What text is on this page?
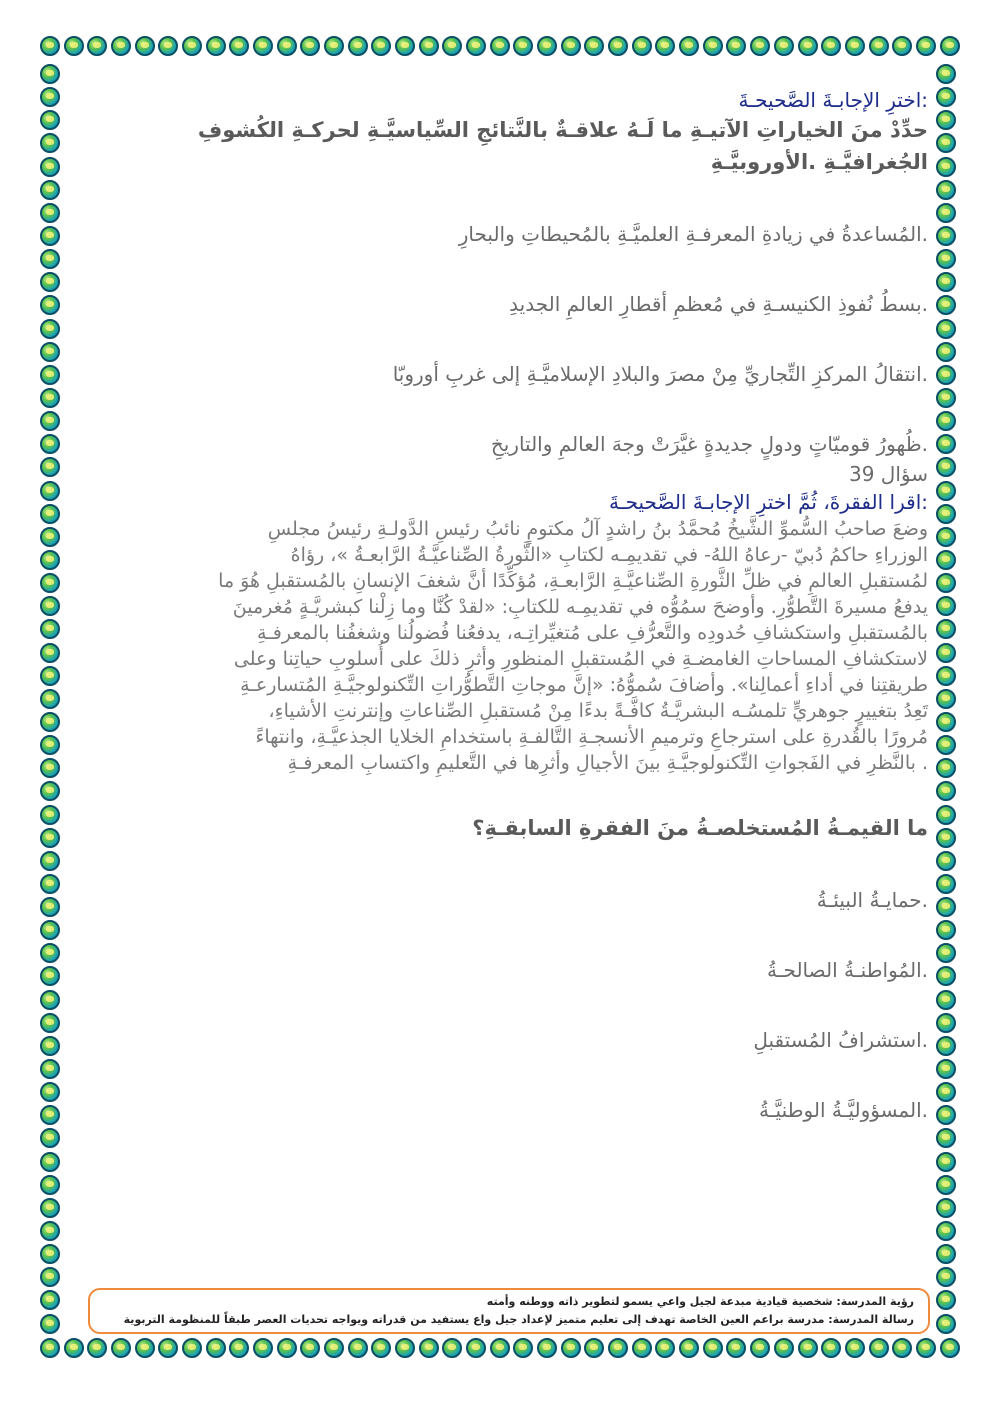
:اخترِ الإجابـةَ الصَّحيحـةَ
حدِّدْ منَ الخياراتِ الآتيـةِ ما لَـهُ علاقـةٌ بالنَّتائجِ السِّياسيَّـةِ لحركـةِ الكُشوفِ الجُغرافيَّـةِ .الأوروبيَّـةِ
.المُساعدةُ في زيادةِ المعرفـةِ العلميَّـةِ بالمُحيطاتِ والبحارِ
.بسطُ نُفوذِ الكنيسـةِ في مُعظمِ أقطارِ العالمِ الجديدِ
.انتقالُ المركزِ التِّجاريِّ مِنْ مصرَ والبلادِ الإسلاميَّـةِ إلى غربِ أوروبّا
.ظُهورُ قوميّاتٍ ودولٍ جديدةٍ غيَّرَتْ وجهَ العالمِ والتاريخِ
سؤال 39
:اقرا الفقرةَ، ثُمَّ اخترِ الإجابـةَ الصَّحيحـةَ
وضعَ صاحبُ السُّموِّ الشَّيخُ مُحمَّدُ بنُ راشدٍ آلُ مكتومٍ نائبُ رئيسِ الدَّولـةِ رئيسُ مجلسِ
الوزراءِ حاكمُ دُبيّ -رعاهُ اللهُ- في تقديمِـه لكتابِ «الثَّورةُ الصِّناعيَّـةُ الرَّابعـةُ »، رؤاهُ
لمُستقبلِ العالمِ في ظلِّ الثَّورةِ الصِّناعيَّـةِ الرَّابعـةِ، مُؤكِّدًا أنَّ شغفَ الإنسانِ بالمُستقبلِ هُوَ ما
يدفعُ مسيرةَ التَّطوُّرِ. وأوضحَ سمُوُّه في تقديمِـه للكتابِ: «لقدْ كُنَّا وما زِلْنا كبشريَّـةٍ مُغرمينَ
بالمُستقبلِ واستكشافِ حُدودِه والتَّعرُّفِ على مُتغيِّراتِـه، يدفعُنا فُضولُنا وشغفُنا بالمعرفـةِ
لاستكشافِ المساحاتِ الغامضـةِ في المُستقبلِ المنظورِ وأثرِ ذلكَ على أُسلوبِ حياتِنا وعلى
طريقتِنا في أداءِ أعمالِنا». وأضافَ سُموُّهُ: «إنَّ موجاتِ التَّطوُّراتِ التِّكنولوجيَّـةِ المُتسارعـةِ
تَعِدُ بتغييرٍ جوهريٍّ تلمسُـه البشريَّـةُ كافَّـةً بدءًا مِنْ مُستقبلِ الصِّناعاتِ وإنترنتِ الأشياءِ،
مُرورًا بالقُدرةِ على استرجاعِ وترميمِ الأنسجـةِ التَّالفـةِ باستخدامِ الخلايا الجذعيَّـةِ، وانتهاءً
. بالنَّظرِ في الفَجواتِ التِّكنولوجيَّـةِ بينَ الأجيالِ وأثرِها في التَّعليمِ واكتسابِ المعرفـةِ
ما القيمـةُ المُستخلصـةُ منَ الفقرةِ السابقـةِ؟
.حمايـةُ البيئـةُ
.المُواطنـةُ الصالحـةُ
.استشرافُ المُستقبلِ
.المسؤوليَّـةُ الوطنيَّـةُ
رؤية المدرسة: شخصية قيادية مبدعة لجيل واعي يسمو لتطوير ذاته ووطنه وأمته
رسالة المدرسة: مدرسة براعم العين الخاصة تهدف إلى تعليم متميز لإعداد جيل واع يستفيد من قدراته ويواجه تحديات العصر طبقاً للمنظومة التربوية
